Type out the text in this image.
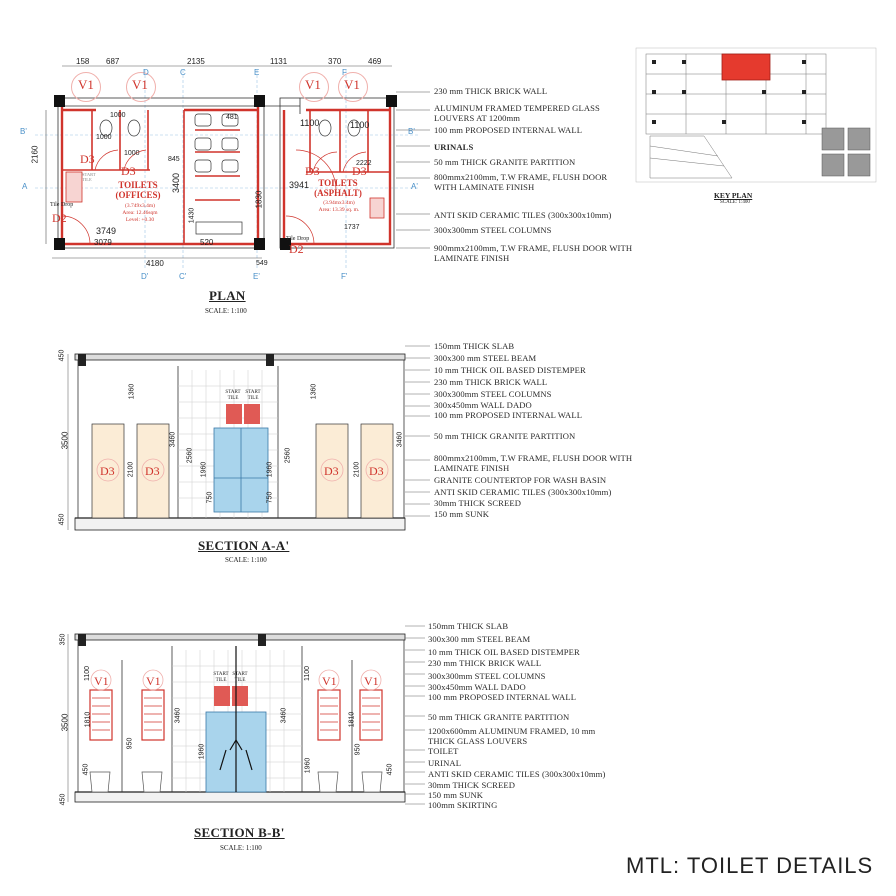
V1	V1	V1 V1
158 687	2135	1131	370	469
D	C	E	F
D'	C'	E'	F'
B'
A	A'
B'
D3
D3	D3	D3
D2
D2
TOILETS (OFFICES)
(3.749x3.4m)
Area: 12.46sqm
Level: +0.30
TOILETS (ASPHALT)
(3.94mx3.4m)
Area: 13.39 sq. m.
Tile Drop
Tile Drop
START TILE
1000
1000
1000
3749
3079
4180
520
845
1430
3400
1100	1100
3941
1737
549
2160
481
1830
2222
230 mm THICK BRICK WALL
ALUMINUM FRAMED TEMPERED GLASS LOUVERS AT 1200mm
100 mm PROPOSED INTERNAL WALL
URINALS
50 mm THICK GRANITE PARTITION
800mmx2100mm, T.W FRAME, FLUSH DOOR WITH LAMINATE FINISH
ANTI SKID CERAMIC TILES (300x300x10mm)
300x300mm STEEL COLUMNS
900mmx2100mm, T.W FRAME, FLUSH DOOR WITH LAMINATE FINISH
PLAN
SCALE: 1:100
KEY PLAN
SCALE: 1:400
450
3500
450
1360	1360
3460	3460
2100	2100
2560	2560
1960	1960
750	750
D3	D3	D3	D3
START TILE
START TILE
150mm THICK SLAB
300x300 mm STEEL BEAM
10 mm THICK OIL BASED DISTEMPER
230 mm THICK BRICK WALL
300x300mm STEEL COLUMNS
300x450mm WALL DADO
100 mm PROPOSED INTERNAL WALL
50 mm THICK GRANITE PARTITION
800mmx2100mm, T.W FRAME, FLUSH DOOR WITH LAMINATE FINISH
GRANITE COUNTERTOP FOR WASH BASIN
ANTI SKID CERAMIC TILES (300x300x10mm)
30mm THICK SCREED
150 mm SUNK
SECTION A-A'
SCALE: 1:100
V1	V1	V1 V1
START TILE
START TILE
350
3500
450
1100	1100
1810	1810
3460	3460
1960
1960
950
950
450	450
150mm THICK SLAB
300x300 mm STEEL BEAM
10 mm THICK OIL BASED DISTEMPER
230 mm THICK BRICK WALL
300x300mm STEEL COLUMNS
300x450mm WALL DADO
100 mm PROPOSED INTERNAL WALL
50 mm THICK GRANITE PARTITION
1200x600mm ALUMINUM FRAMED, 10 mm THICK GLASS LOUVERS
TOILET
URINAL
ANTI SKID CERAMIC TILES (300x300x10mm)
30mm THICK SCREED
150 mm SUNK
100mm SKIRTING
SECTION B-B'
SCALE: 1:100
MTL: TOILET DETAILS
